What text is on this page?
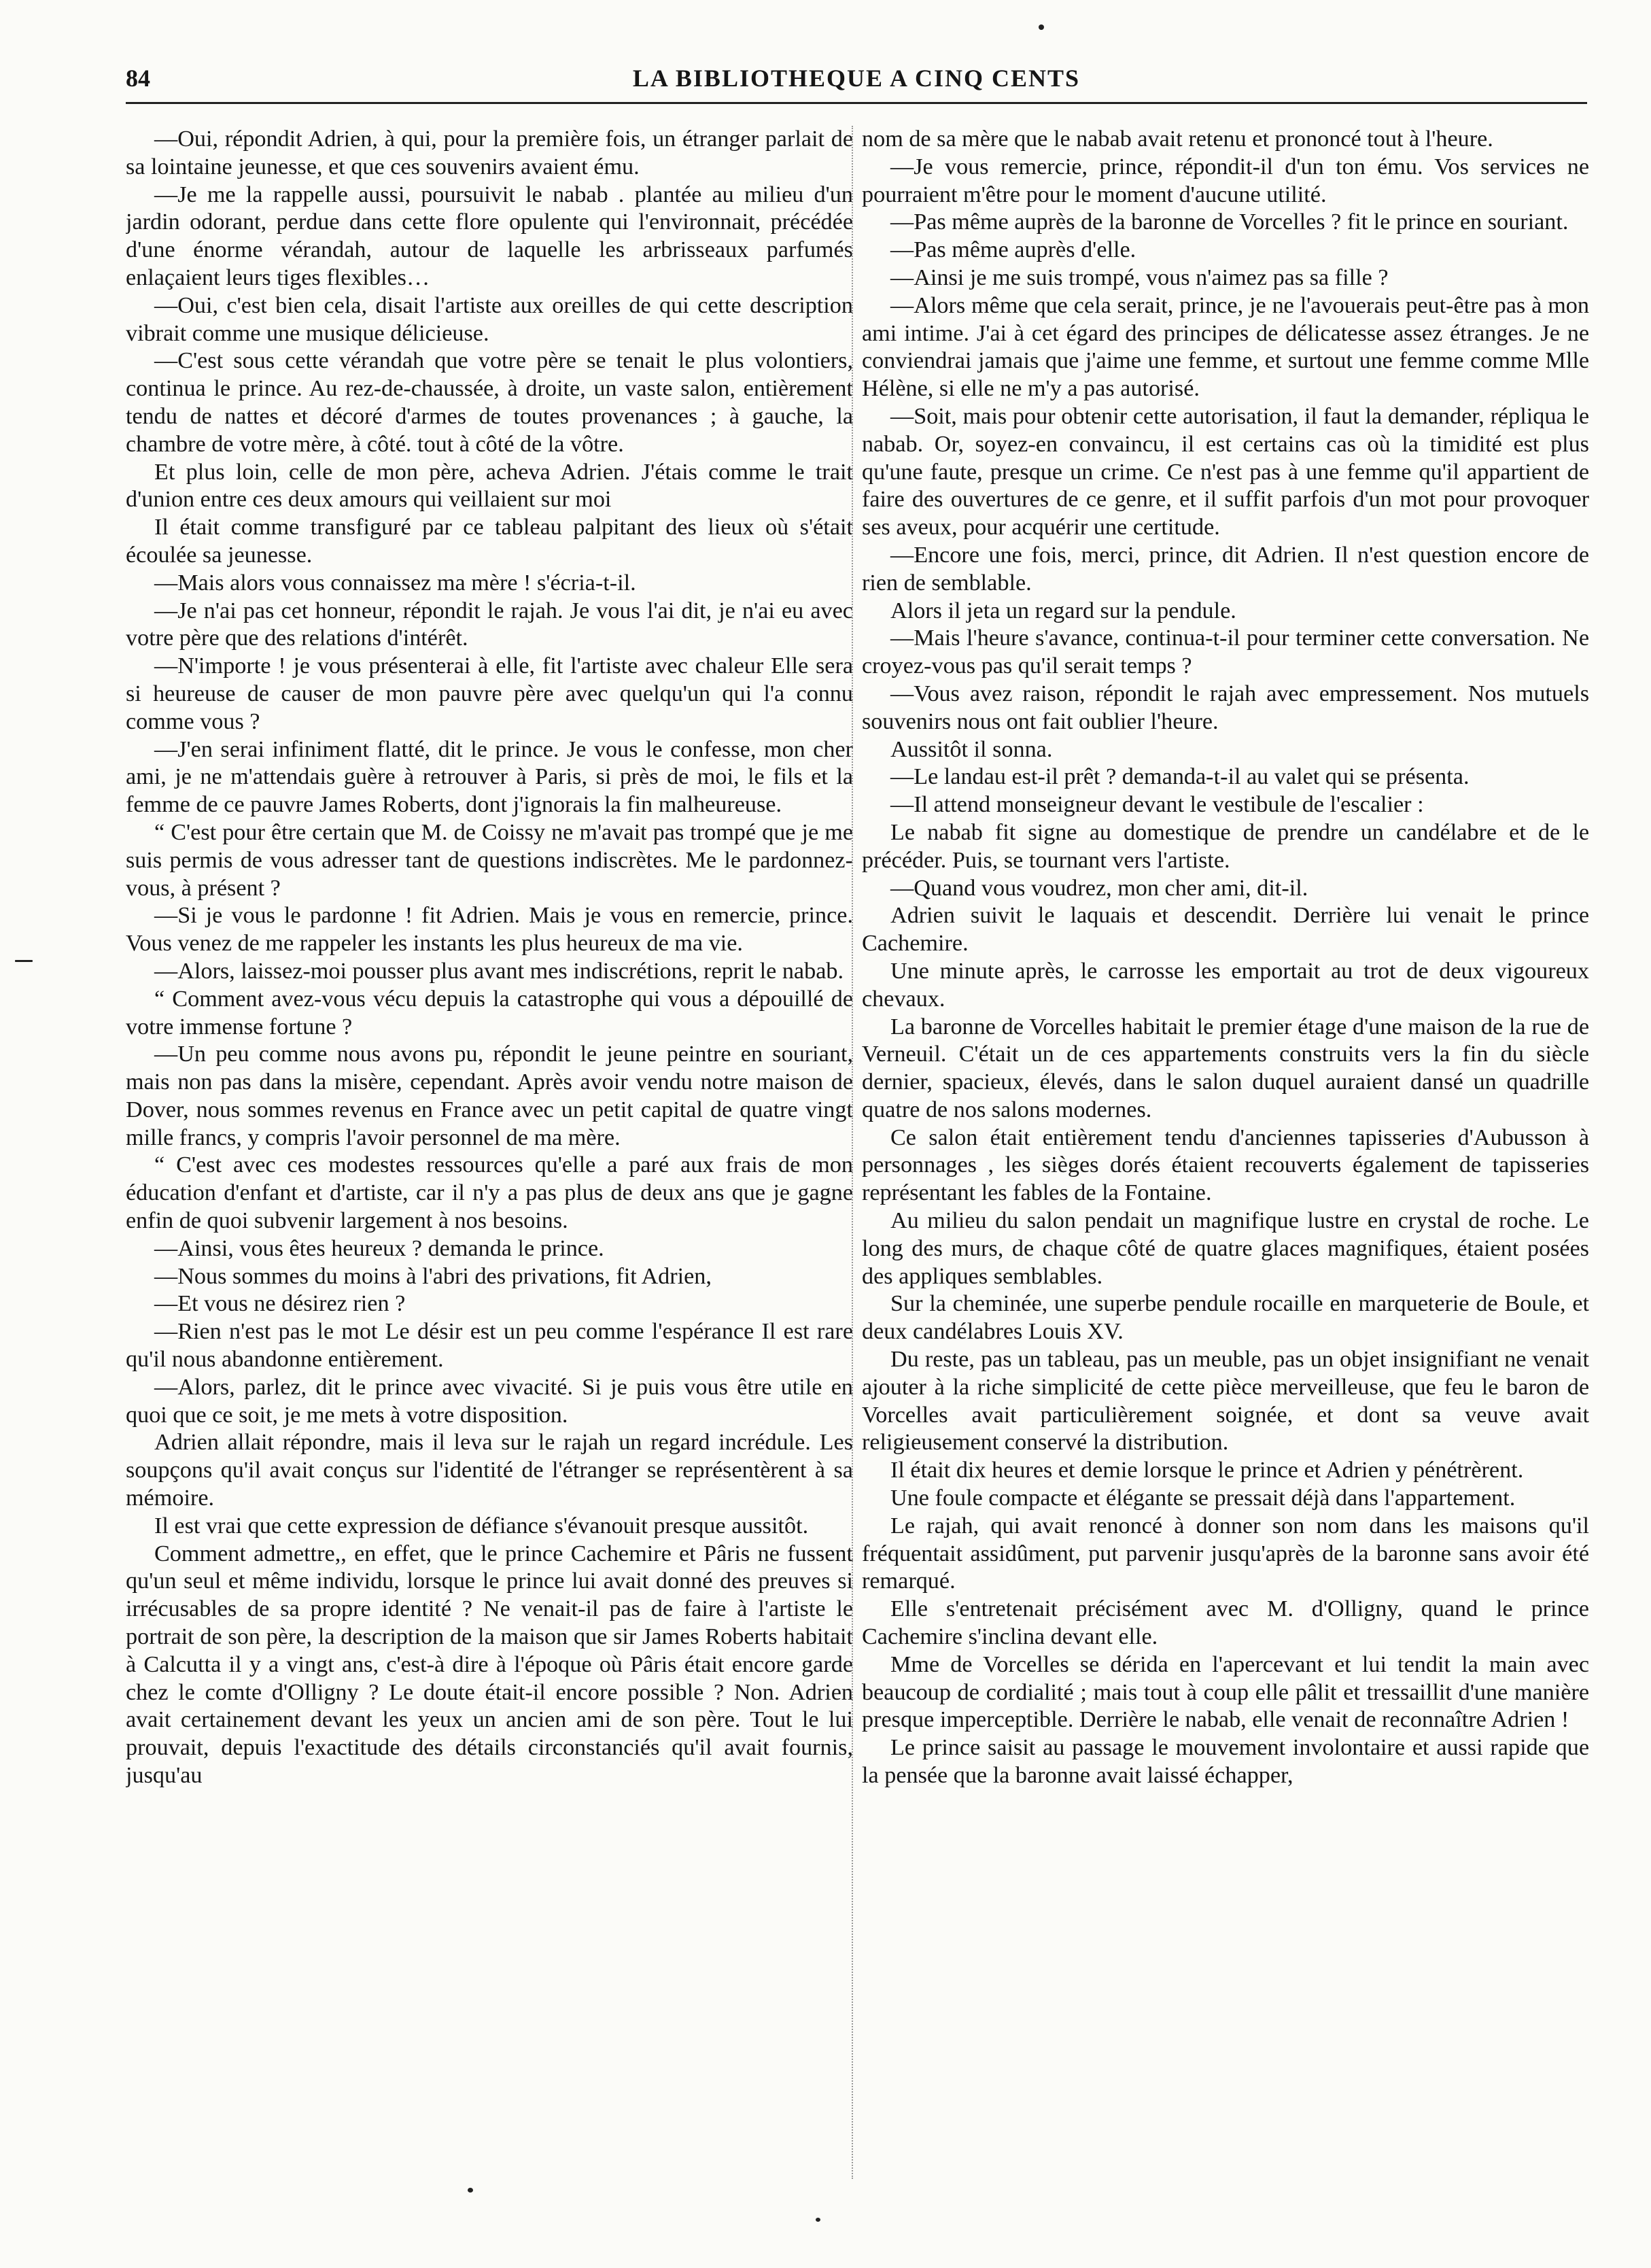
84	LA BIBLIOTHEQUE A CINQ CENTS

—Oui, répondit Adrien, à qui, pour la première fois, un étranger parlait de sa lointaine jeunesse, et que ces souvenirs avaient ému.

—Je me la rappelle aussi, poursuivit le nabab . plantée au milieu d'un jardin odorant, perdue dans cette flore opulente qui l'environnait, précédée d'une énorme vérandah, autour de laquelle les arbrisseaux parfumés enlaçaient leurs tiges flexibles…

—Oui, c'est bien cela, disait l'artiste aux oreilles de qui cette description vibrait comme une musique délicieuse.

—C'est sous cette vérandah que votre père se tenait le plus volontiers, continua le prince. Au rez-de-chaussée, à droite, un vaste salon, entièrement tendu de nattes et décoré d'armes de toutes provenances ; à gauche, la chambre de votre mère, à côté. tout à côté de la vôtre.

Et plus loin, celle de mon père, acheva Adrien. J'étais comme le trait d'union entre ces deux amours qui veillaient sur moi

Il était comme transfiguré par ce tableau palpitant des lieux où s'était écoulée sa jeunesse.

—Mais alors vous connaissez ma mère ! s'écria-t-il.

—Je n'ai pas cet honneur, répondit le rajah. Je vous l'ai dit, je n'ai eu avec votre père que des relations d'intérêt.

—N'importe ! je vous présenterai à elle, fit l'artiste avec chaleur Elle sera si heureuse de causer de mon pauvre père avec quelqu'un qui l'a connu comme vous ?

—J'en serai infiniment flatté, dit le prince. Je vous le confesse, mon cher ami, je ne m'attendais guère à retrouver à Paris, si près de moi, le fils et la femme de ce pauvre James Roberts, dont j'ignorais la fin malheureuse.

“ C'est pour être certain que M. de Coissy ne m'avait pas trompé que je me suis permis de vous adresser tant de questions indiscrètes. Me le pardonnez-vous, à présent ?

—Si je vous le pardonne ! fit Adrien. Mais je vous en remercie, prince. Vous venez de me rappeler les instants les plus heureux de ma vie.

—Alors, laissez-moi pousser plus avant mes indiscrétions, reprit le nabab.

“ Comment avez-vous vécu depuis la catastrophe qui vous a dépouillé de votre immense fortune ?

—Un peu comme nous avons pu, répondit le jeune peintre en souriant, mais non pas dans la misère, cependant. Après avoir vendu notre maison de Dover, nous sommes revenus en France avec un petit capital de quatre vingt mille francs, y compris l'avoir personnel de ma mère.

“ C'est avec ces modestes ressources qu'elle a paré aux frais de mon éducation d'enfant et d'artiste, car il n'y a pas plus de deux ans que je gagne enfin de quoi subvenir largement à nos besoins.

—Ainsi, vous êtes heureux ? demanda le prince.

—Nous sommes du moins à l'abri des privations, fit Adrien,

—Et vous ne désirez rien ?

—Rien n'est pas le mot Le désir est un peu comme l'espérance Il est rare qu'il nous abandonne entièrement.

—Alors, parlez, dit le prince avec vivacité. Si je puis vous être utile en quoi que ce soit, je me mets à votre disposition.

Adrien allait répondre, mais il leva sur le rajah un regard incrédule. Les soupçons qu'il avait conçus sur l'identité de l'étranger se représentèrent à sa mémoire.

Il est vrai que cette expression de défiance s'évanouit presque aussitôt.

Comment admettre,, en effet, que le prince Cachemire et Pâris ne fussent qu'un seul et même individu, lorsque le prince lui avait donné des preuves si irrécusables de sa propre identité ? Ne venait-il pas de faire à l'artiste le portrait de son père, la description de la maison que sir James Roberts habitait à Calcutta il y a vingt ans, c'est-à dire à l'époque où Pâris était encore garde chez le comte d'Olligny ? Le doute était-il encore possible ? Non. Adrien avait certainement devant les yeux un ancien ami de son père. Tout le lui prouvait, depuis l'exactitude des détails circonstanciés qu'il avait fournis, jusqu'au

nom de sa mère que le nabab avait retenu et prononcé tout à l'heure.

—Je vous remercie, prince, répondit-il d'un ton ému. Vos services ne pourraient m'être pour le moment d'aucune utilité.

—Pas même auprès de la baronne de Vorcelles ? fit le prince en souriant.

—Pas même auprès d'elle.

—Ainsi je me suis trompé, vous n'aimez pas sa fille ?

—Alors même que cela serait, prince, je ne l'avouerais peut-être pas à mon ami intime. J'ai à cet égard des principes de délicatesse assez étranges. Je ne conviendrai jamais que j'aime une femme, et surtout une femme comme Mlle Hélène, si elle ne m'y a pas autorisé.

—Soit, mais pour obtenir cette autorisation, il faut la demander, répliqua le nabab. Or, soyez-en convaincu, il est certains cas où la timidité est plus qu'une faute, presque un crime. Ce n'est pas à une femme qu'il appartient de faire des ouvertures de ce genre, et il suffit parfois d'un mot pour provoquer ses aveux, pour acquérir une certitude.

—Encore une fois, merci, prince, dit Adrien. Il n'est question encore de rien de semblable.

Alors il jeta un regard sur la pendule.

—Mais l'heure s'avance, continua-t-il pour terminer cette conversation. Ne croyez-vous pas qu'il serait temps ?

—Vous avez raison, répondit le rajah avec empressement. Nos mutuels souvenirs nous ont fait oublier l'heure.

Aussitôt il sonna.

—Le landau est-il prêt ? demanda-t-il au valet qui se présenta.

—Il attend monseigneur devant le vestibule de l'escalier :

Le nabab fit signe au domestique de prendre un candélabre et de le précéder. Puis, se tournant vers l'artiste.

—Quand vous voudrez, mon cher ami, dit-il.

Adrien suivit le laquais et descendit. Derrière lui venait le prince Cachemire.

Une minute après, le carrosse les emportait au trot de deux vigoureux chevaux.

La baronne de Vorcelles habitait le premier étage d'une maison de la rue de Verneuil. C'était un de ces appartements construits vers la fin du siècle dernier, spacieux, élevés, dans le salon duquel auraient dansé un quadrille quatre de nos salons modernes.

Ce salon était entièrement tendu d'anciennes tapisseries d'Aubusson à personnages , les sièges dorés étaient recouverts également de tapisseries représentant les fables de la Fontaine.

Au milieu du salon pendait un magnifique lustre en crystal de roche. Le long des murs, de chaque côté de quatre glaces magnifiques, étaient posées des appliques semblables.

Sur la cheminée, une superbe pendule rocaille en marqueterie de Boule, et deux candélabres Louis XV.

Du reste, pas un tableau, pas un meuble, pas un objet insignifiant ne venait ajouter à la riche simplicité de cette pièce merveilleuse, que feu le baron de Vorcelles avait particulièrement soignée, et dont sa veuve avait religieusement conservé la distribution.

Il était dix heures et demie lorsque le prince et Adrien y pénétrèrent.

Une foule compacte et élégante se pressait déjà dans l'appartement.

Le rajah, qui avait renoncé à donner son nom dans les maisons qu'il fréquentait assidûment, put parvenir jusqu'après de la baronne sans avoir été remarqué.

Elle s'entretenait précisément avec M. d'Olligny, quand le prince Cachemire s'inclina devant elle.

Mme de Vorcelles se dérida en l'apercevant et lui tendit la main avec beaucoup de cordialité ; mais tout à coup elle pâlit et tressaillit d'une manière presque imperceptible. Derrière le nabab, elle venait de reconnaître Adrien !

Le prince saisit au passage le mouvement involontaire et aussi rapide que la pensée que la baronne avait laissé échapper,
